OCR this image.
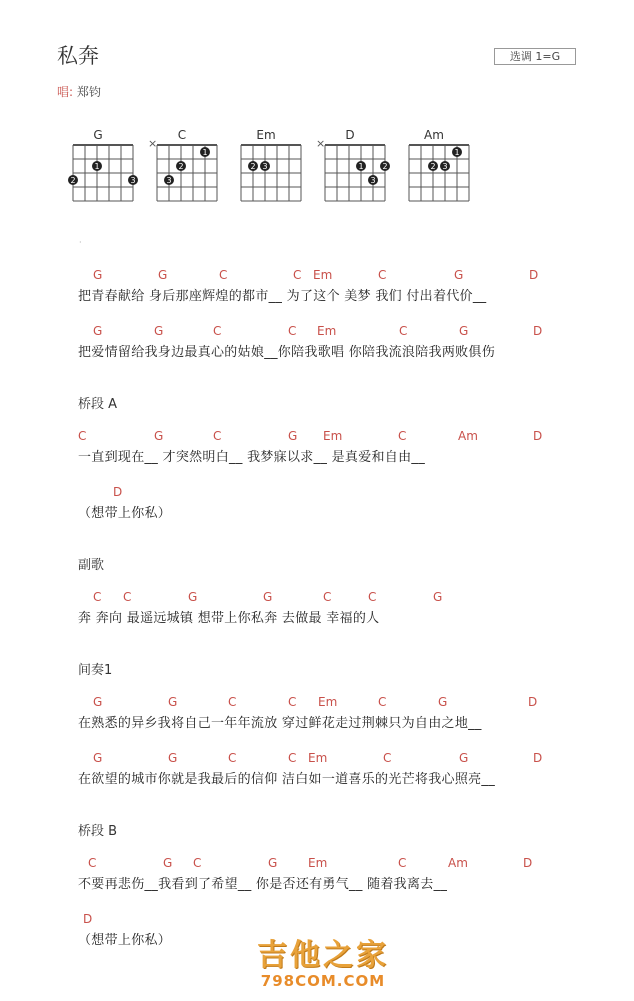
私奔	选调 1=G
唱: 郑钧
G
1
2	3
C
1
2
3
×
Em
2 3
D
1 2
3
×
Am
1
2 3
·
桥段 A
副歌
间奏1
桥段 B
G	G	C	C Em	C	G	D
把青春献给 身后那座辉煌的都市__ 为了这个 美梦 我们 付出着代价__
G	G	C	C Em	C	G	D
把爱情留给我身边最真心的姑娘__你陪我歌唱 你陪我流浪陪我两败俱伤
C	G	C	G Em	C	Am	D
一直到现在__ 才突然明白__ 我梦寐以求__ 是真爱和自由__
D
（想带上你私）
C C	G	G	C	C	G
奔 奔向 最遥远城镇 想带上你私奔 去做最 幸福的人
G	G	C	C Em	C	G	D
在熟悉的异乡我将自己一年年流放 穿过鲜花走过荆棘只为自由之地__
G	G	C	C Em	C	G	D
在欲望的城市你就是我最后的信仰 洁白如一道喜乐的光芒将我心照亮__
C	G C	G	Em	C	Am	D
不要再悲伤__我看到了希望__ 你是否还有勇气__ 随着我离去__
D
（想带上你私）	吉他之家
798COM.COM
